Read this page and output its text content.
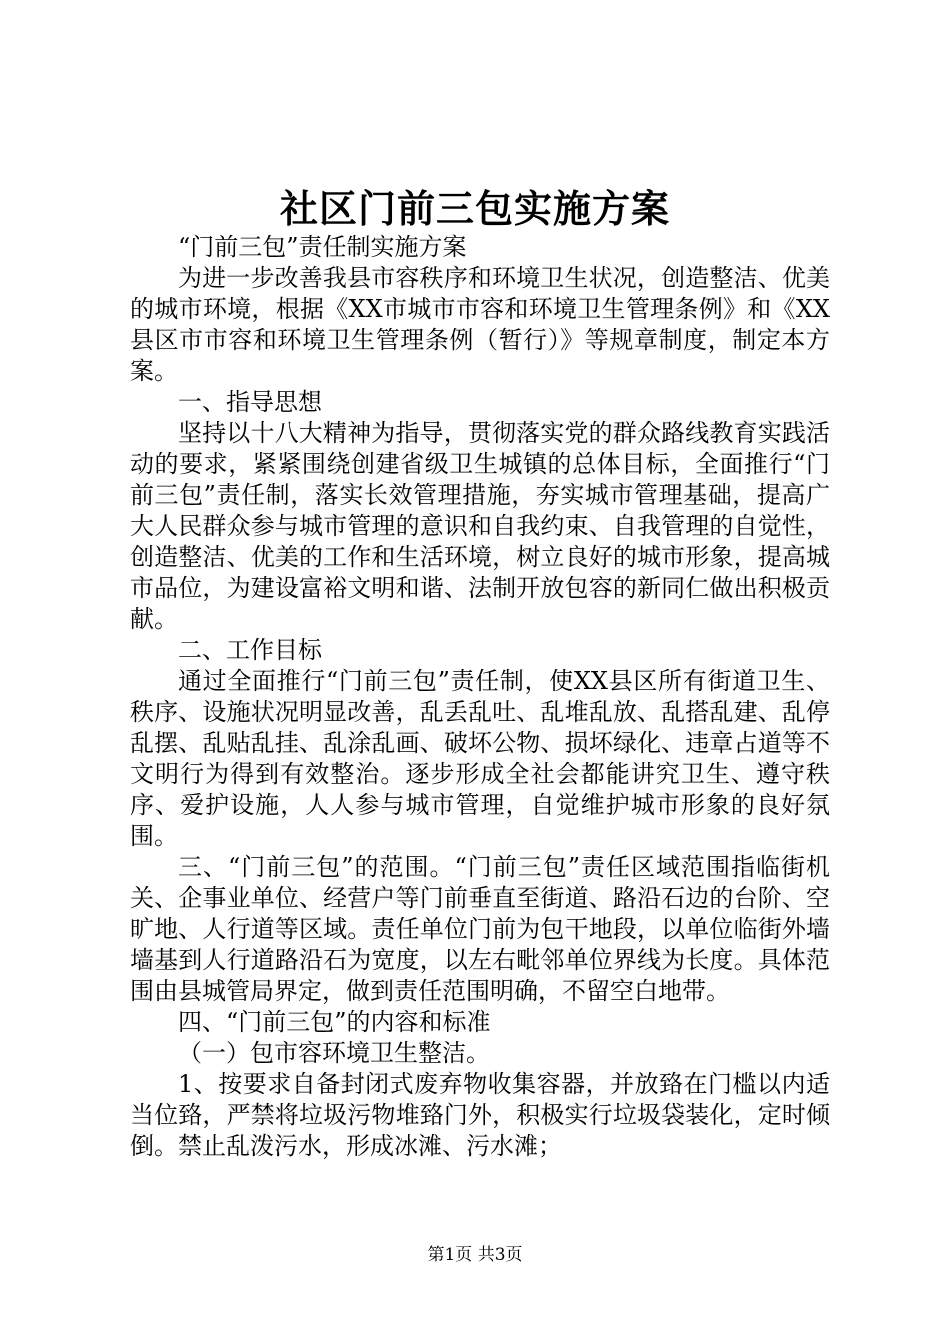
社区门前三包实施方案

“门前三包”责任制实施方案

为进一步改善我县市容秩序和环境卫生状况，创造整洁、优美的城市环境，根据《XX市城市市容和环境卫生管理条例》和《XX县区市市容和环境卫生管理条例（暂行）》等规章制度，制定本方案。

一、指导思想

坚持以十八大精神为指导，贯彻落实党的群众路线教育实践活动的要求，紧紧围绕创建省级卫生城镇的总体目标，全面推行“门前三包”责任制，落实长效管理措施，夯实城市管理基础，提高广大人民群众参与城市管理的意识和自我约束、自我管理的自觉性，创造整洁、优美的工作和生活环境，树立良好的城市形象，提高城市品位，为建设富裕文明和谐、法制开放包容的新同仁做出积极贡献。

二、工作目标

通过全面推行“门前三包”责任制，使XX县区所有街道卫生、秩序、设施状况明显改善，乱丢乱吐、乱堆乱放、乱搭乱建、乱停乱摆、乱贴乱挂、乱涂乱画、破坏公物、损坏绿化、违章占道等不文明行为得到有效整治。逐步形成全社会都能讲究卫生、遵守秩序、爱护设施，人人参与城市管理，自觉维护城市形象的良好氛围。

三、“门前三包”的范围。“门前三包”责任区域范围指临街机关、企事业单位、经营户等门前垂直至街道、路沿石边的台阶、空旷地、人行道等区域。责任单位门前为包干地段，以单位临街外墙墙基到人行道路沿石为宽度，以左右毗邻单位界线为长度。具体范围由县城管局界定，做到责任范围明确，不留空白地带。

四、“门前三包”的内容和标准

（一）包市容环境卫生整洁。

1、按要求自备封闭式废弃物收集容器，并放臵在门槛以内适当位臵，严禁将垃圾污物堆臵门外，积极实行垃圾袋装化，定时倾倒。禁止乱泼污水，形成冰滩、污水滩；

第1页 共3页
